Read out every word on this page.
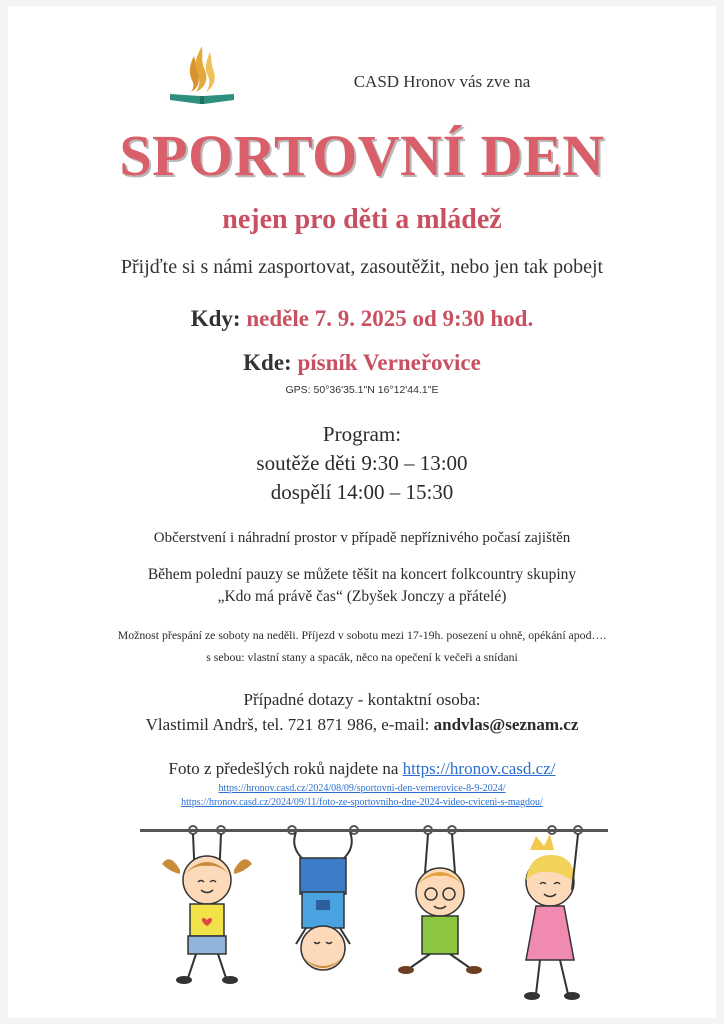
CASD Hronov vás zve na
SPORTOVNÍ DEN
nejen pro děti a mládež
Přijďte si s námi zasportovat, zasoutěžit, nebo jen tak pobejt
Kdy: neděle 7. 9. 2025 od 9:30 hod.
Kde: písník Verneřovice
GPS: 50°36'35.1"N 16°12'44.1"E
Program:
soutěže děti 9:30 – 13:00
dospělí 14:00 – 15:30
Občerstvení i náhradní prostor v případě nepříznivého počasí zajištěn
Během polední pauzy se můžete těšit na koncert folkcountry skupiny
„Kdo má právě čas“ (Zbyšek Jonczy a přátelé)
Možnost přespání ze soboty na neděli. Příjezd v sobotu mezi 17-19h. posezení u ohně, opékání apod….
s sebou: vlastní stany a spacák, něco na opečení k večeři a snídani
Případné dotazy - kontaktní osoba:
Vlastimil Andrš, tel. 721 871 986, e-mail: andvlas@seznam.cz
Foto z předešlých roků najdete na https://hronov.casd.cz/
https://hronov.casd.cz/2024/08/09/sportovni-den-vernerovice-8-9-2024/
https://hronov.casd.cz/2024/09/11/foto-ze-sportovniho-dne-2024-video-cviceni-s-magdou/
